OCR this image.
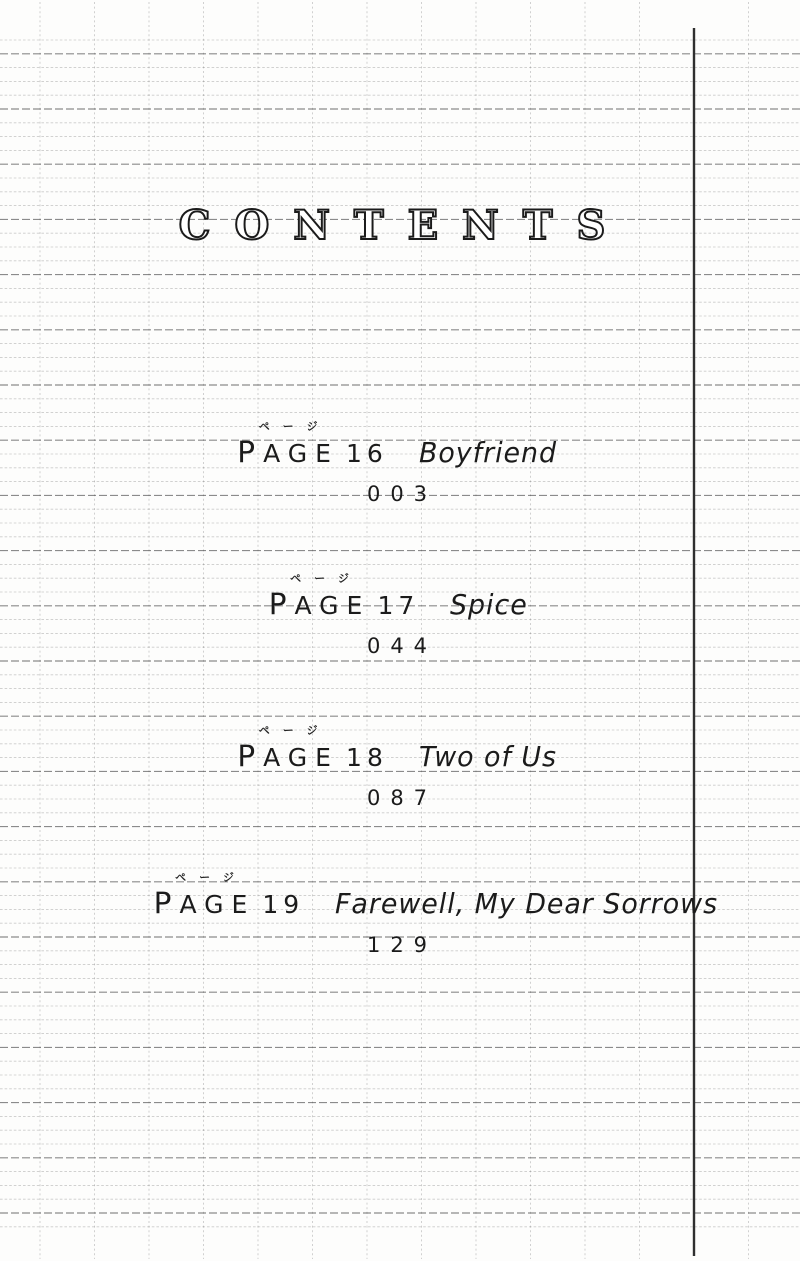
CONTENTS
ページ
PAGE 16 Boyfriend
003
ページ
PAGE 17 Spice
044
ページ
PAGE 18 Two of Us
087
ページ
PAGE 19 Farewell, My Dear Sorrows
129
